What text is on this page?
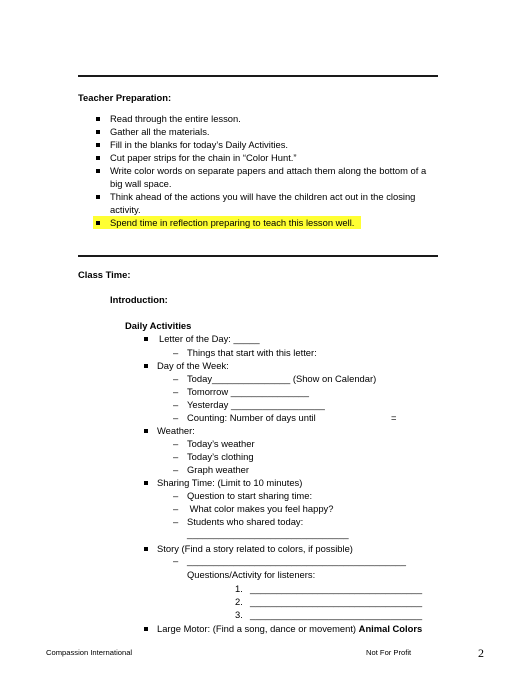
Teacher Preparation:
Read through the entire lesson.
Gather all the materials.
Fill in the blanks for today’s Daily Activities.
Cut paper strips for the chain in “Color Hunt.”
Write color words on separate papers and attach them along the bottom of a
big wall space.
Think ahead of the actions you will have the children act out in the closing
activity.
Spend time in reflection preparing to teach this lesson well.
Class Time:
Introduction:
Daily Activities
Letter of the Day: _____
– Things that start with this letter:
Day of the Week:
– Today_______________ (Show on Calendar)
– Tomorrow _______________
– Yesterday __________________
– Counting: Number of days until	=
Weather:
– Today’s weather
– Today’s clothing
– Graph weather
Sharing Time: (Limit to 10 minutes)
– Question to start sharing time:
– What color makes you feel happy?
– Students who shared today:
_______________________________
Story (Find a story related to colors, if possible)
– __________________________________________
Questions/Activity for listeners:
1. _________________________________
2. _________________________________
3. _________________________________
Large Motor: (Find a song, dance or movement) Animal Colors
Compassion International	Not For Profit	2
